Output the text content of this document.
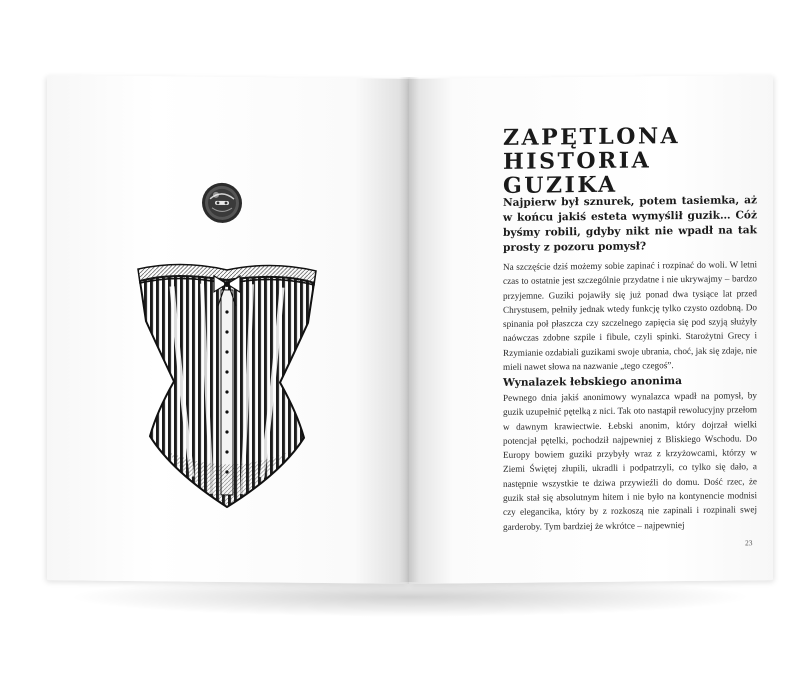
ZAPĘTLONA HISTORIA GUZIKA

Najpierw był sznurek, potem tasiemka, aż w końcu jakiś esteta wymyślił guzik… Cóż byśmy robili, gdyby nikt nie wpadł na tak prosty z pozoru pomysł?

Na szczęście dziś możemy sobie zapinać i rozpinać do woli. W letni czas to ostatnie jest szczególnie przydatne i nie ukrywajmy – bardzo przyjemne. Guziki pojawiły się już ponad dwa tysiące lat przed Chrystusem, pełniły jednak wtedy funkcję tylko czysto ozdobną. Do spinania poł płaszcza czy szczelnego zapięcia się pod szyją służyły naówczas zdobne szpile i fibule, czyli spinki. Starożytni Grecy i Rzymianie ozdabiali guzikami swoje ubrania, choć, jak się zdaje, nie mieli nawet słowa na nazwanie „tego czegoś”.

Wynalazek łebskiego anonima

Pewnego dnia jakiś anonimowy wynalazca wpadł na pomysł, by guzik uzupełnić pętelką z nici. Tak oto nastąpił rewolucyjny przełom w dawnym krawiectwie. Łebski anonim, który dojrzał wielki potencjał pętelki, pochodził najpewniej z Bliskiego Wschodu. Do Europy bowiem guziki przybyły wraz z krzyżowcami, którzy w Ziemi Świętej złupili, ukradli i podpatrzyli, co tylko się dało, a następnie wszystkie te dziwa przywieźli do domu. Dość rzec, że guzik stał się absolutnym hitem i nie było na kontynencie modnisi czy elegancika, który by z rozkoszą nie zapinali i rozpinali swej garderoby. Tym bardziej że wkrótce – najpewniej

23
